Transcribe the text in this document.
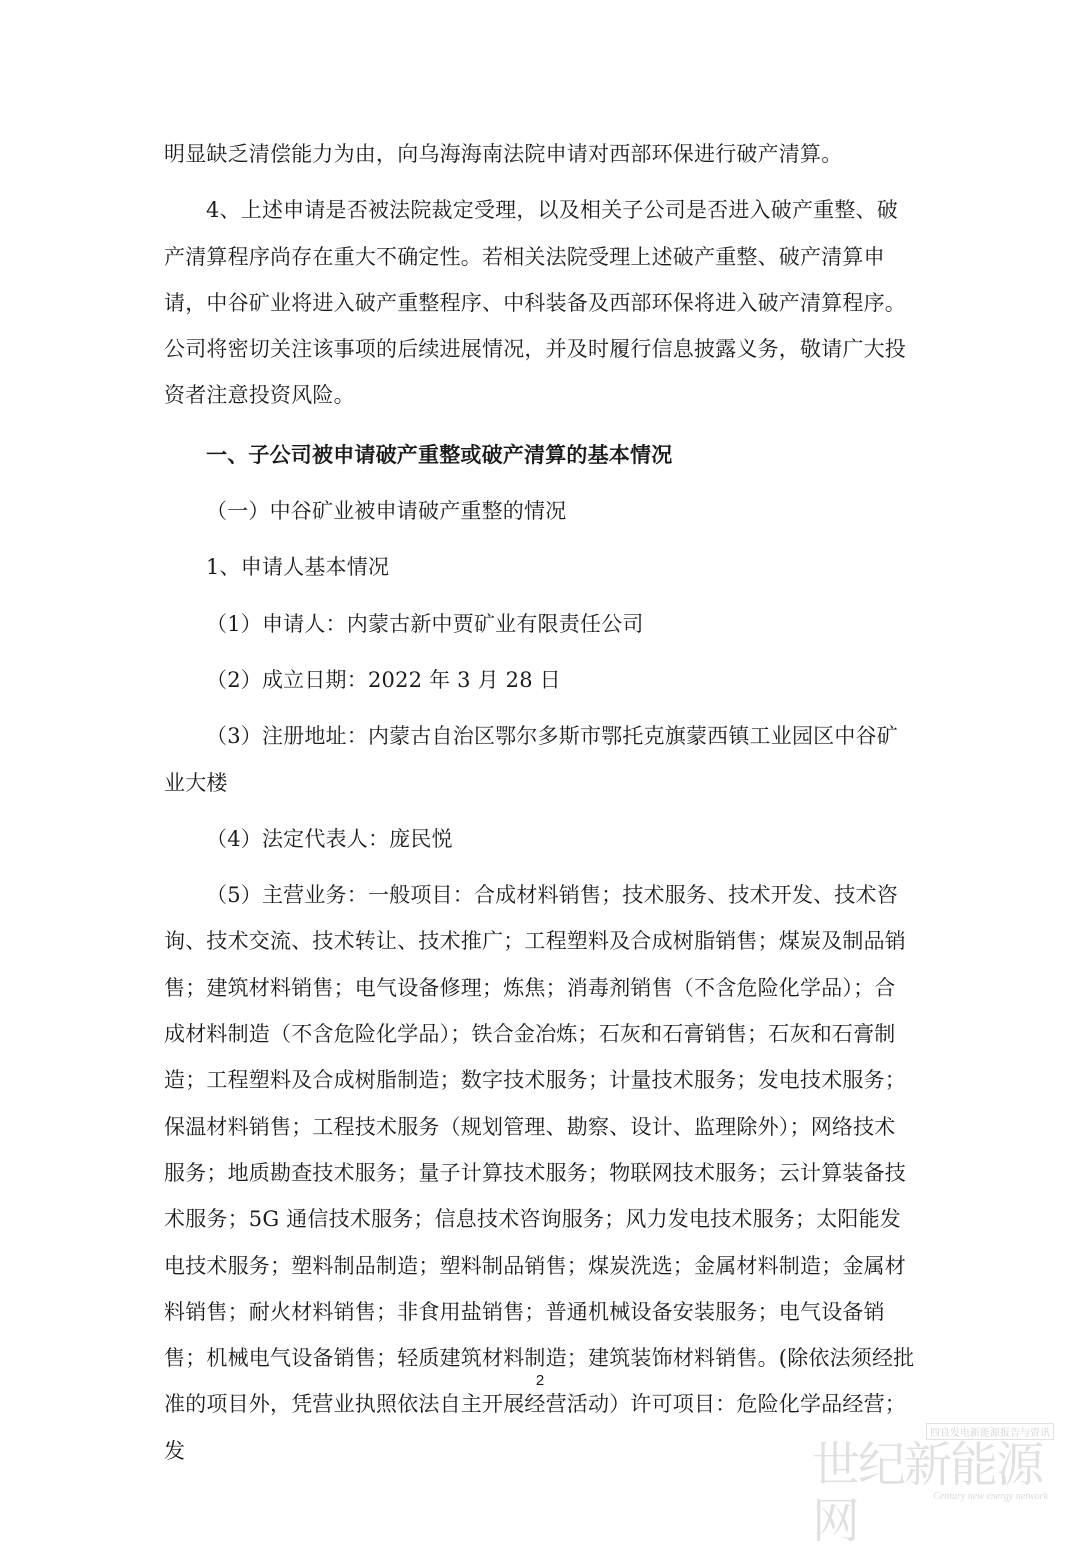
明显缺乏清偿能力为由，向乌海海南法院申请对西部环保进行破产清算。

4、上述申请是否被法院裁定受理，以及相关子公司是否进入破产重整、破产清算程序尚存在重大不确定性。若相关法院受理上述破产重整、破产清算申请，中谷矿业将进入破产重整程序、中科装备及西部环保将进入破产清算程序。公司将密切关注该事项的后续进展情况，并及时履行信息披露义务，敬请广大投资者注意投资风险。

一、子公司被申请破产重整或破产清算的基本情况

（一）中谷矿业被申请破产重整的情况

1、申请人基本情况

（1）申请人：内蒙古新中贾矿业有限责任公司

（2）成立日期：2022 年 3 月 28 日

（3）注册地址：内蒙古自治区鄂尔多斯市鄂托克旗蒙西镇工业园区中谷矿业大楼

（4）法定代表人：庞民悦

（5）主营业务：一般项目：合成材料销售；技术服务、技术开发、技术咨询、技术交流、技术转让、技术推广；工程塑料及合成树脂销售；煤炭及制品销售；建筑材料销售；电气设备修理；炼焦；消毒剂销售（不含危险化学品）；合成材料制造（不含危险化学品）；铁合金冶炼；石灰和石膏销售；石灰和石膏制造；工程塑料及合成树脂制造；数字技术服务；计量技术服务；发电技术服务；保温材料销售；工程技术服务（规划管理、勘察、设计、监理除外）；网络技术服务；地质勘查技术服务；量子计算技术服务；物联网技术服务；云计算装备技术服务；5G 通信技术服务；信息技术咨询服务；风力发电技术服务；太阳能发电技术服务；塑料制品制造；塑料制品销售；煤炭洗选；金属材料制造；金属材料销售；耐火材料销售；非食用盐销售；普通机械设备安装服务；电气设备销售；机械电气设备销售；轻质建筑材料制造；建筑装饰材料销售。(除依法须经批准的项目外，凭营业执照依法自主开展经营活动）许可项目：危险化学品经营；发

2
四良发电新能源报告与资讯
世纪新能源网	Century new energy network
